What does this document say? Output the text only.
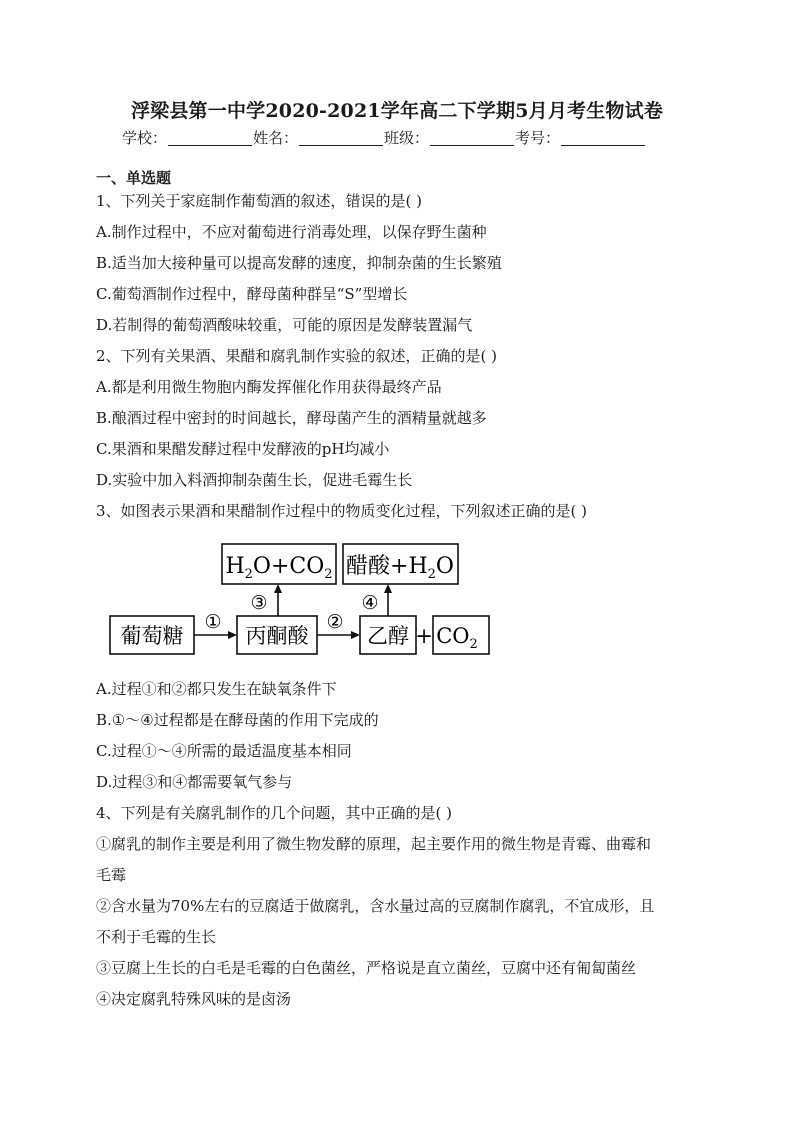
浮梁县第一中学2020-2021学年高二下学期5月月考生物试卷
学校：	姓名：	班级：	考号：
一、单选题
1、下列关于家庭制作葡萄酒的叙述，错误的是( )
A.制作过程中，不应对葡萄进行消毒处理，以保存野生菌种
B.适当加大接种量可以提高发酵的速度，抑制杂菌的生长繁殖
C.葡萄酒制作过程中，酵母菌种群呈“S”型增长
D.若制得的葡萄酒酸味较重，可能的原因是发酵装置漏气
2、下列有关果酒、果醋和腐乳制作实验的叙述，正确的是( )
A.都是利用微生物胞内酶发挥催化作用获得最终产品
B.酿酒过程中密封的时间越长，酵母菌产生的酒精量就越多
C.果酒和果醋发酵过程中发酵液的pH均减小
D.实验中加入料酒抑制杂菌生长，促进毛霉生长
3、如图表示果酒和果醋制作过程中的物质变化过程，下列叙述正确的是( )
$H_2O+CO_2$ 醋酸$+H_2O$
葡萄糖	丙酮酸	乙醇 + $CO_2$
①	②
③	④
A.过程①和②都只发生在缺氧条件下
B.①～④过程都是在酵母菌的作用下完成的
C.过程①～④所需的最适温度基本相同
D.过程③和④都需要氧气参与
4、下列是有关腐乳制作的几个问题，其中正确的是( )
①腐乳的制作主要是利用了微生物发酵的原理，起主要作用的微生物是青霉、曲霉和
毛霉
②含水量为70%左右的豆腐适于做腐乳，含水量过高的豆腐制作腐乳，不宜成形，且
不利于毛霉的生长
③豆腐上生长的白毛是毛霉的白色菌丝，严格说是直立菌丝，豆腐中还有匍匐菌丝
④决定腐乳特殊风味的是卤汤
